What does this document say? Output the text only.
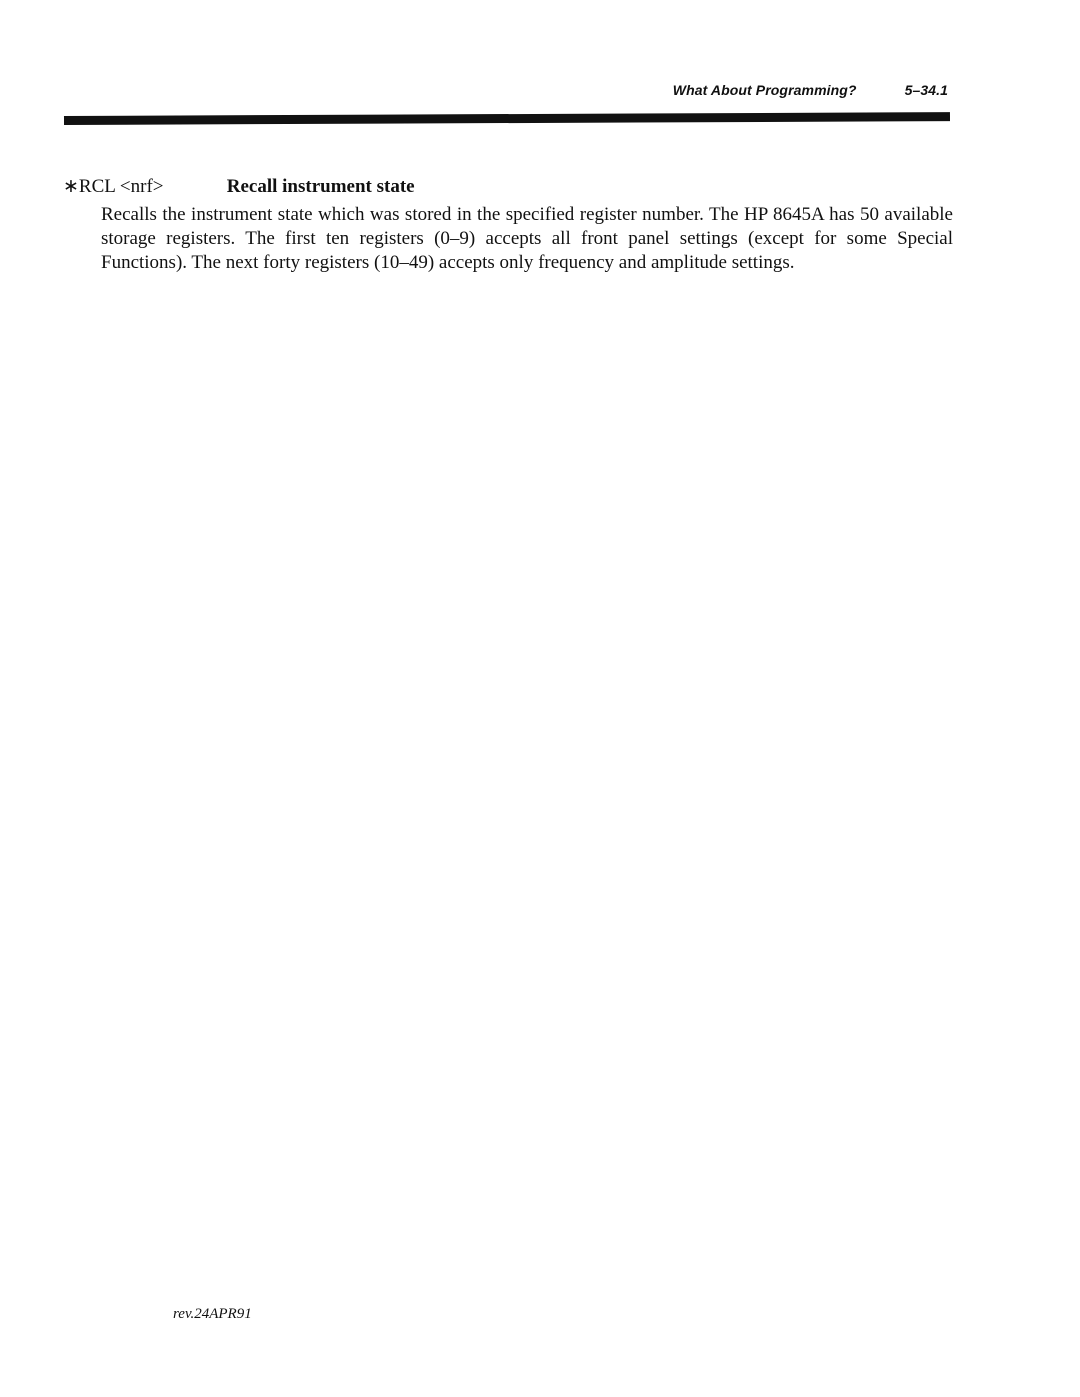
What About Programming?	5–34.1
∗RCL <nrf>	Recall instrument state

Recalls the instrument state which was stored in the specified register number. The HP 8645A has 50 available storage registers. The first ten registers (0–9) accepts all front panel settings (except for some Special Functions). The next forty registers (10–49) accepts only frequency and amplitude settings.

rev.24APR91
